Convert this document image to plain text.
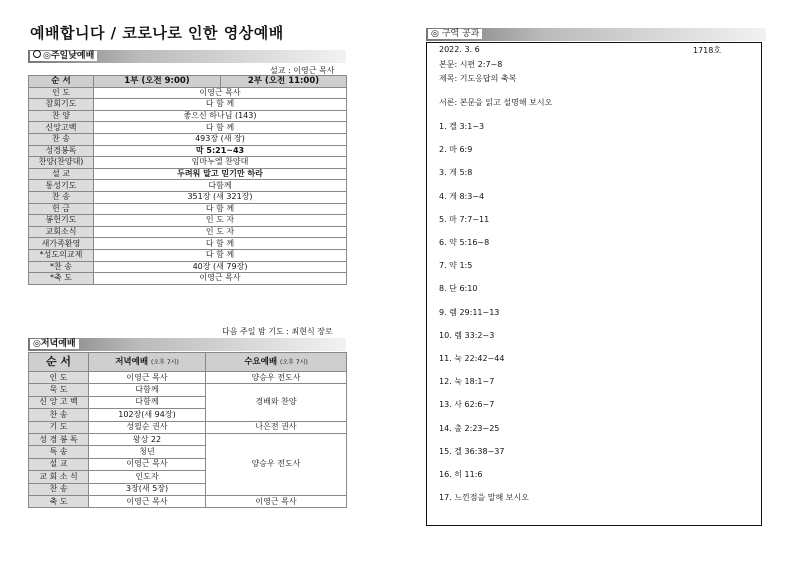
예배합니다 / 코로나로 인한 영상예배
◎주일낮예배
설교 : 이영근 목사
순 서	1부 (오전 9:00)	2부 (오전 11:00)
인 도	이영근 목사	
참회기도	다 함 께	
찬 양	좋으신 하나님 (143)	
신앙고백	다 함 께	
찬 송	493장 (새 장)	
성경봉독	막 5:21~43	
찬양(찬양대)	임마누엘 찬양대	
설 교	두려워 말고 믿기만 하라	
통성기도	다함께	
찬 송	351장 (새 321장)	
헌 금	다 함 께	
봉헌기도	인 도 자	
교회소식	인 도 자	
새가족환영	다 함 께	
*성도의교제	다 함 께	
*찬 송	40장 (새 79장)	
*축 도	이영근 목사	
다음 주일 밤 기도 : 최현식 장로
◎저녁예배
순 서	저녁예배 (오후 7시)	수요예배 (오후 7시)
인 도	이영근 목사	양승우 전도사
묵 도	다함께	경배와 찬양
신 앙 고 백	다함께	
찬 송	102장(새 94장)	
기 도	성필순 권사	나은전 권사
성 경 봉 독	왕상 22	양승우 전도사
특 송	청년	
설 교	이영근 목사	
교 회 소 식	인도자	
찬 송	3장(새 5장)	
축 도	이영근 목사	이영근 목사
◎ 구역 공과
2022. 3. 6	1718호
본문: 시편 2:7~8
제목: 기도응답의 축복
서론: 본문을 읽고 설명해 보시오
1. 겔 3:1~3
2. 마 6:9
3. 게 5:8
4. 게 8:3~4
5. 마 7:7~11
6. 약 5:16~8
7. 약 1:5
8. 단 6:10
9. 렘 29:11~13
10. 렘 33:2~3
11. 눅 22:42~44
12. 눅 18:1~7
13. 사 62:6~7
14. 출 2:23~25
15. 겔 36:38~37
16. 히 11:6
17. 느낀점을 말해 보시오
